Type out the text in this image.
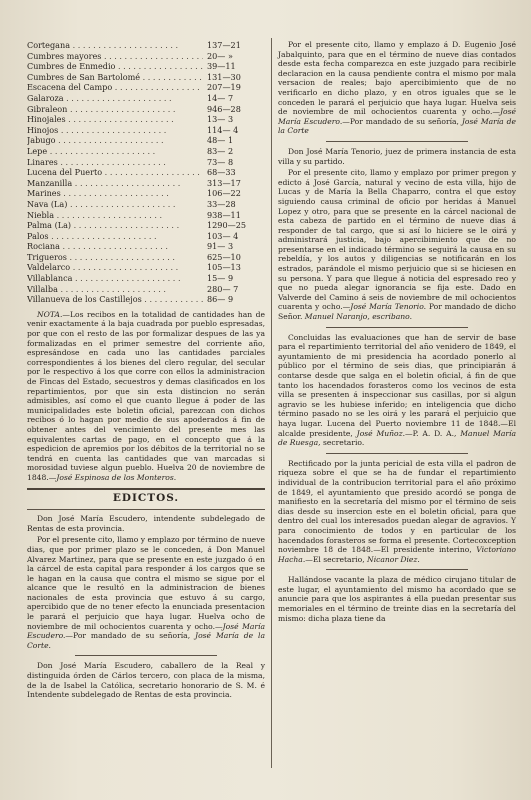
Cortegana . . .	137—21
Cumbres mayores . . .	20— »
Cumbres de Enmedio . . .	39—11
Cumbres de San Bartolomé . . .	131—30
Escacena del Campo . . .	207—19
Galaroza . . .	14— 7
Gibraleon . . .	946—28
Hinojales . . .	13— 3
Hinojos . . .	114— 4
Jabugo . . .	48— 1
Lepe . . .	83— 2
Linares . . .	73— 8
Lucena del Puerto . . .	68—33
Manzanilla . . .	313—17
Marines . . .	106—22
Nava (La) . . .	33—28
Niebla . . .	938—11
Palma (La) . . .	1290—25
Palos . . .	103— 4
Rociana . . .	91— 3
Trigueros . . .	625—10
Valdelarco . . .	105—13
Villablanca . . .	15— 9
Villalba . . .	280— 7
Villanueva de los Castillejos . . .	86— 9

NOTA.—Los recibos en la totalidad de cantidades han de venir exactamente á la baja cuadrada por pueblo espresadas, por que con el resto de las por formalizar despues de las ya formalizadas en el primer semestre del corriente año, espresándose en cada uno las cantidades parciales correspondientes á los bienes del clero regular, del secular por le respectivo á los que corre con ellos la administracion de Fincas del Estado, secuestros y demas clasificados en los repartimientos, por que sin esta distincion no serán admisibles, así como el que cuanto llegue á poder de las municipalidades este boletin oficial, parezcan con dichos recibos ó lo hagan por medio de sus apoderados á fin de obtener antes del vencimiento del presente mes las equivalentes cartas de pago, en el concepto que á la espedicion de apremios por los débitos de la territorial no se tendrá en cuenta las cantidades que van marcadas si morosidad tuviese algun pueblo. Huelva 20 de noviembre de 1848.—José Espinosa de los Monteros.

EDICTOS.

Don José María Escudero, intendente subdelegado de Rentas de esta provincia.

Por el presente cito, llamo y emplazo por término de nueve dias, que por primer plazo se le conceden, á Don Manuel Alvarez Martinez, para que se presente en este juzgado ó en la cárcel de esta capital para responder á los cargos que se le hagan en la causa que contra el mismo se sigue por el alcance que le resultó en la administracion de bienes nacionales de esta provincia que estuvo á su cargo, apercibido que de no tener efecto la enunciada presentacion le parará el perjuicio que haya lugar. Huelva ocho de noviembre de mil ochocientos cuarenta y ocho.—José María Escudero.—Por mandado de su señoría, José María de la Corte.

Don José María Escudero, caballero de la Real y distinguida órden de Cárlos tercero, con placa de la misma, de la de Isabel la Católica, secretario honorario de S. M. é Intendente subdelegado de Rentas de esta provincia.

Por el presente cito, llamo y emplazo á D. Eugenio José Jabalquinto, para que en el término de nueve dias contados desde esta fecha comparezca en este juzgado para recibirle declaracion en la causa pendiente contra el mismo por mala versacion de reales; bajo apercibimiento que de no verificarlo en dicho plazo, y en otros iguales que se le conceden le parará el perjuicio que haya lugar. Huelva seis de noviembre de mil ochocientos cuarenta y ocho.—José María Escudero.—Por mandado de su señoría, José María de la Corte

Don José María Tenorio, juez de primera instancia de esta villa y su partido.

Por el presente cito, llamo y emplazo por primer pregon y edicto á José García, natural y vecino de esta villa, hijo de Lucas y de María la Bella Chaparro, contra el que estoy siguiendo causa criminal de oficio por heridas á Manuel Lopez y otro, para que se presente en la cárcel nacional de esta cabeza de partido en el término de nueve dias á responder de tal cargo, que si así lo hiciere se le oirá y administrará justicia, bajo apercibimiento que de no presentarse en el indicado término se seguirá la causa en su rebeldía, y los autos y diligencias se notificarán en los estrados, parándole el mismo perjuicio que si se hiciesen en su persona. Y para que llegue á noticia del espresado reo y que no pueda alegar ignorancia se fija este. Dado en Valverde del Camino á seis de noviembre de mil ochocientos cuarenta y ocho.—José María Tenorio. Por mandado de dicho Señor. Manuel Naranjo, escribano.

Concluidas las evaluaciones que han de servir de base para el repartimiento territorial del año venidero de 1849, el ayuntamiento de mi presidencia ha acordado ponerlo al público por el término de seis dias, que principiarán á contarse desde que salga en el boletin oficial, á fin de que tanto los hacendados forasteros como los vecinos de esta villa se presenten á inspeccionar sus casillas, por si algun agravio se les hubiese inferido; en inteligencia que dicho término pasado no se les oirá y les parará el perjuicio que haya lugar. Lucena del Puerto noviembre 11 de 1848.—El alcalde presidente, José Muñoz.—P. A. D. A., Manuel María de Ruesga, secretario.

Rectificado por la junta pericial de esta villa el padron de riqueza sobre el que se ha de fundar el repartimiento individual de la contribucion territorial para el año próximo de 1849, el ayuntamiento que presido acordó se ponga de manifiesto en la secretaría del mismo por el término de seis dias desde su insercion este en el boletin oficial, para que dentro del cual los interesados puedan alegar de agravios. Y para conocimiento de todos y en particular de los hacendados forasteros se forma el presente. Cortecoxception noviembre 18 de 1848.—El presidente interino, Victoriano Hacha.—El secretario, Nicanor Diez.

Hallándose vacante la plaza de médico cirujano titular de este lugar, el ayuntamiento del mismo ha acordado que se anuncie para que los aspirantes á ella puedan presentar sus memoriales en el término de treinte dias en la secretaría del mismo: dicha plaza tiene da
